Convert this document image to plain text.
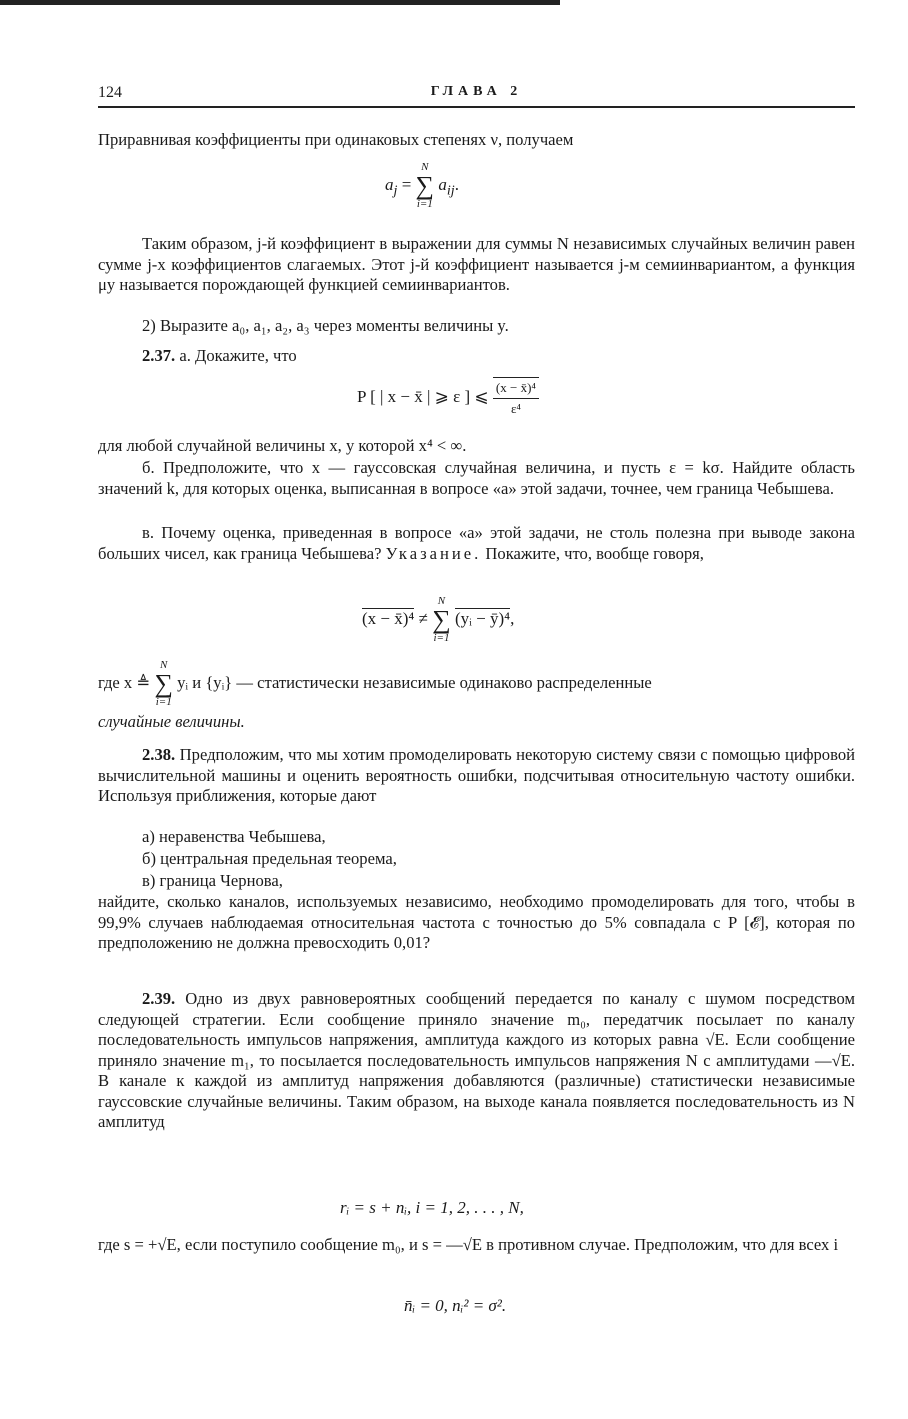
124	ГЛАВА 2

Приравнивая коэффициенты при одинаковых степенях ν, получаем

$a_j$ =
N
∑
i=1
$a_{ij}$.

Таким образом, j-й коэффициент в выражении для суммы N независимых случайных величин равен сумме j-х коэффициентов слагаемых. Этот j-й коэффициент называется j-м семиинвариантом, а функция μy называется порождающей функцией семиинвариантов.

2) Выразите a₀, a₁, a₂, a₃ через моменты величины y.

2.37. а. Докажите, что

P [ | x − x̄ | ⩾ ε ] ⩽ $\frac{\text{(x − x̄)⁴}}{\text{ε⁴}}$

для любой случайной величины x, у которой x⁴ < ∞.

б. Предположите, что x — гауссовская случайная величина, и пусть ε = kσ. Найдите область значений k, для которых оценка, выписанная в вопросе «а» этой задачи, точнее, чем граница Чебышева.

в. Почему оценка, приведенная в вопросе «а» этой задачи, не столь полезна при выводе закона больших чисел, как граница Чебышева? Указание. Покажите, что, вообще говоря,

(x − x̄)⁴ ≠
N
∑
i=1
(yᵢ − ȳ)⁴,
где x ≜
N
∑
i=1
yᵢ и {yᵢ} — статистически независимые одинаково распределенные

случайные величины.

2.38. Предположим, что мы хотим промоделировать некоторую систему связи с помощью цифровой вычислительной машины и оценить вероятность ошибки, подсчитывая относительную частоту ошибки. Используя приближения, которые дают

а) неравенства Чебышева,

б) центральная предельная теорема,

в) граница Чернова,

найдите, сколько каналов, используемых независимо, необходимо промоделировать для того, чтобы в 99,9% случаев наблюдаемая относительная частота с точностью до 5% совпадала с P [𝓔], которая по предположению не должна превосходить 0,01?

2.39. Одно из двух равновероятных сообщений передается по каналу с шумом посредством следующей стратегии. Если сообщение приняло значение m₀, передатчик посылает по каналу последовательность импульсов напряжения, амплитуда каждого из которых равна √E. Если сообщение приняло значение m₁, то посылается последовательность импульсов напряжения N с амплитудами —√E. В канале к каждой из амплитуд напряжения добавляются (различные) статистически независимые гауссовские случайные величины. Таким образом, на выходе канала появляется последовательность из N амплитуд

rᵢ = s + nᵢ, i = 1, 2, . . . , N,

где s = +√E, если поступило сообщение m₀, и s = —√E в противном случае. Предположим, что для всех i

n̄ᵢ = 0, nᵢ² = σ².
